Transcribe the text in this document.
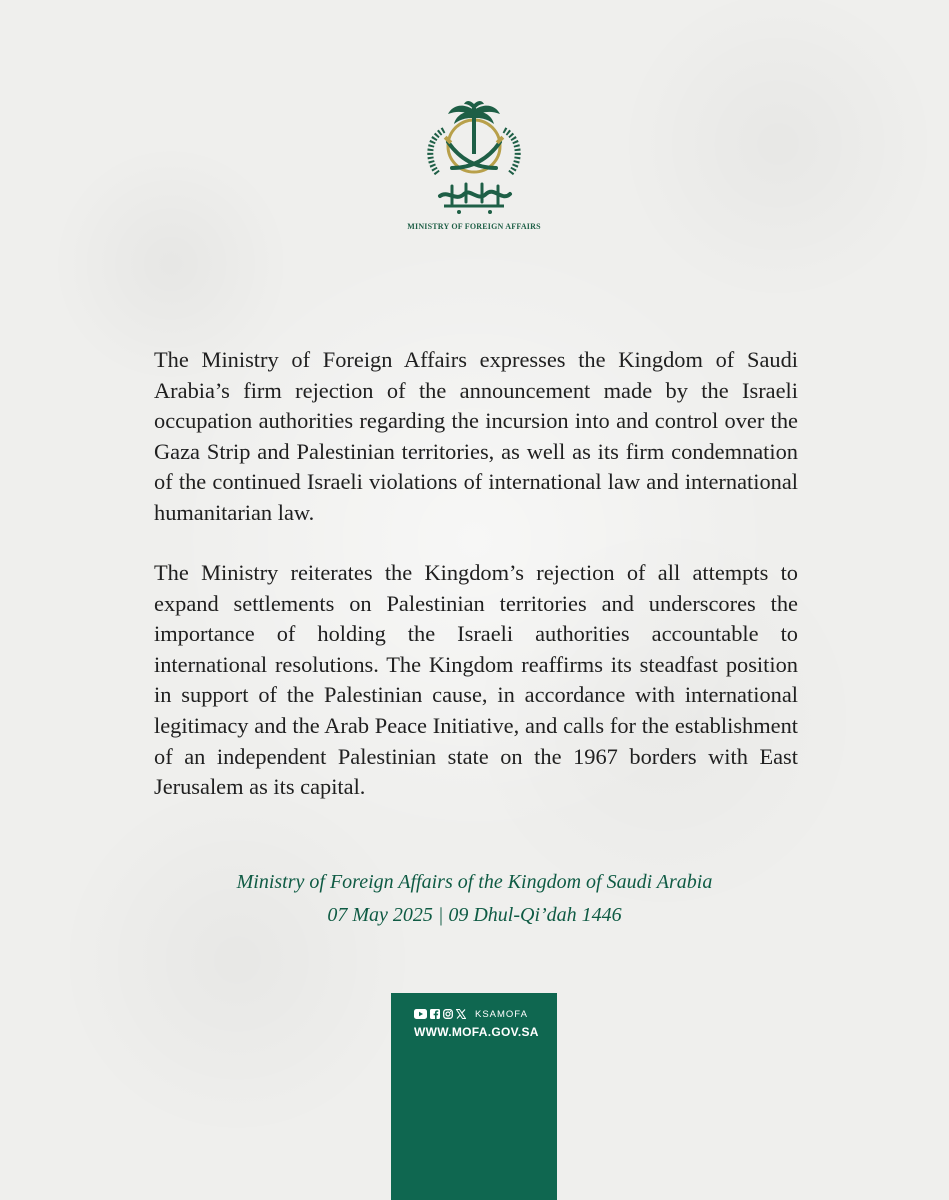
MINISTRY OF FOREIGN AFFAIRS
The Ministry of Foreign Affairs expresses the Kingdom of Saudi Arabia’s firm rejection of the announcement made by the Israeli occupation authorities regarding the incursion into and control over the Gaza Strip and Palestinian territories, as well as its firm condemnation of the continued Israeli violations of international law and international humanitarian law.
The Ministry reiterates the Kingdom’s rejection of all attempts to expand settlements on Palestinian territories and underscores the importance of holding the Israeli authorities accountable to international resolutions. The Kingdom reaffirms its steadfast position in support of the Palestinian cause, in accordance with international legitimacy and the Arab Peace Initiative, and calls for the establishment of an independent Palestinian state on the 1967 borders with East Jerusalem as its capital.
Ministry of Foreign Affairs of the Kingdom of Saudi Arabia
07 May 2025 | 09 Dhul-Qi’dah 1446
KSAMOFA
WWW.MOFA.GOV.SA
